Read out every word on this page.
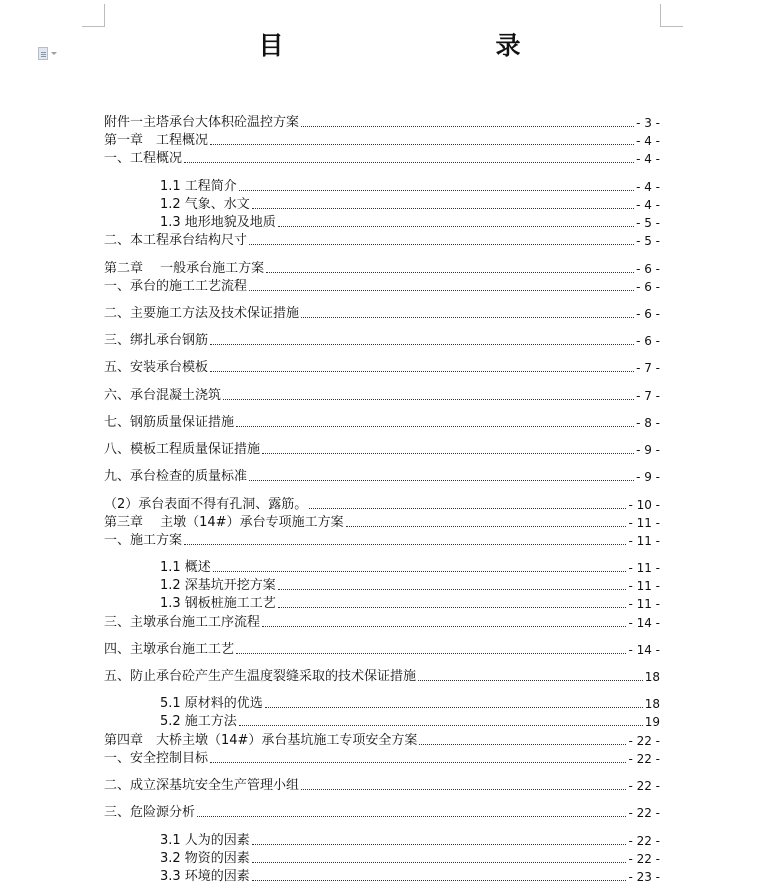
目　　录
附件一主塔承台大体积砼温控方案	- 3 -
第一章　工程概况	- 4 -
一、工程概况	- 4 -
1.1 工程简介	- 4 -
1.2 气象、水文	- 4 -
1.3 地形地貌及地质	- 5 -
二、本工程承台结构尺寸	- 5 -
第二章　 一般承台施工方案	- 6 -
一、承台的施工工艺流程	- 6 -
二、主要施工方法及技术保证措施	- 6 -
三、绑扎承台钢筋	- 6 -
五、安装承台模板	- 7 -
六、承台混凝土浇筑	- 7 -
七、钢筋质量保证措施	- 8 -
八、模板工程质量保证措施	- 9 -
九、承台检查的质量标准	- 9 -
（2）承台表面不得有孔洞、露筋。	- 10 -
第三章　 主墩（14#）承台专项施工方案	- 11 -
一、施工方案	- 11 -
1.1 概述	- 11 -
1.2 深基坑开挖方案	- 11 -
1.3 钢板桩施工工艺	- 11 -
三、主墩承台施工工序流程	- 14 -
四、主墩承台施工工艺	- 14 -
五、防止承台砼产生产生温度裂缝采取的技术保证措施	18
5.1 原材料的优选	18
5.2 施工方法	19
第四章　大桥主墩（14#）承台基坑施工专项安全方案	- 22 -
一、安全控制目标	- 22 -
二、成立深基坑安全生产管理小组	- 22 -
三、危险源分析	- 22 -
3.1 人为的因素	- 22 -
3.2 物资的因素	- 22 -
3.3 环境的因素	- 23 -
